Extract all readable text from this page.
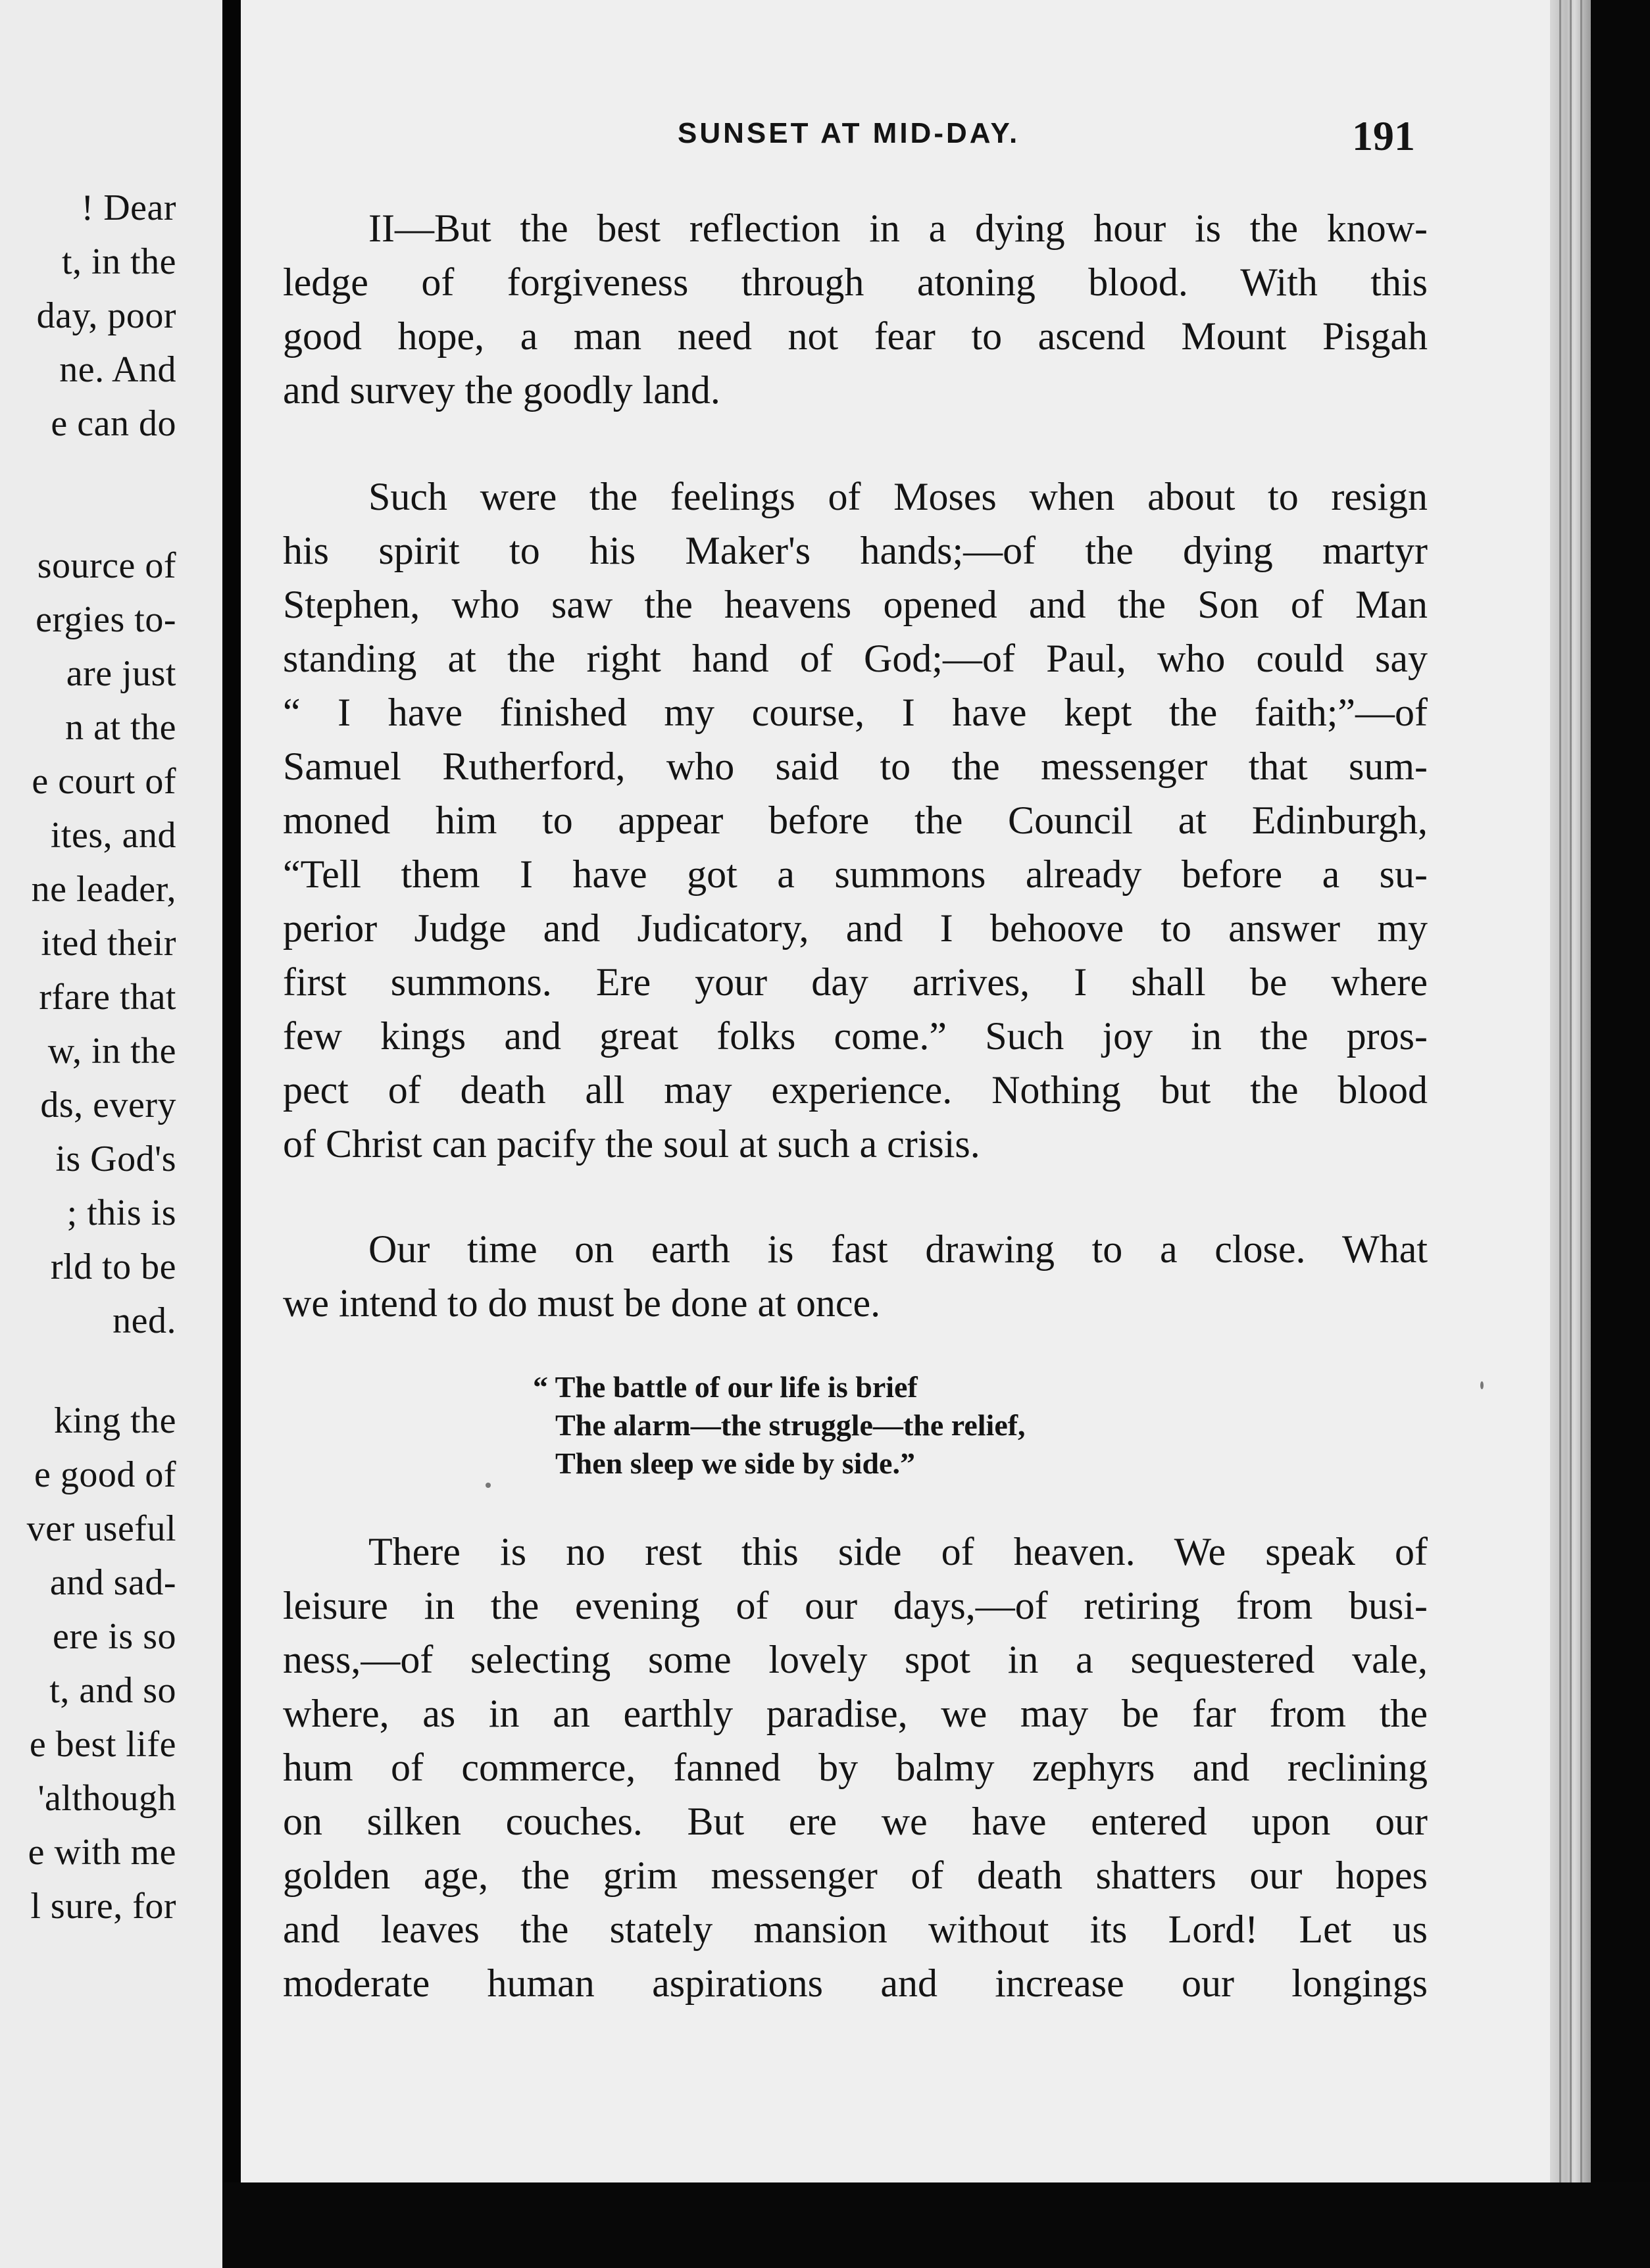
! Dear
t, in the
day, poor
ne. And
e can do
source of
ergies to-
are just
n at the
e court of
ites, and
ne leader,
ited their
rfare that
w, in the
ds, every
is God's
; this is
rld to be
ned.
king the
e good of
ver useful
and sad-
ere is so
t, and so
e best life
'although
e with me
l sure, for
SUNSET AT MID-DAY.	191
II—But the best reflection in a dying hour is the know-
ledge of forgiveness through atoning blood. With this
good hope, a man need not fear to ascend Mount Pisgah
and survey the goodly land.
Such were the feelings of Moses when about to resign
his spirit to his Maker's hands;—of the dying martyr
Stephen, who saw the heavens opened and the Son of Man
standing at the right hand of God;—of Paul, who could say
“ I have finished my course, I have kept the faith;”—of
Samuel Rutherford, who said to the messenger that sum-
moned him to appear before the Council at Edinburgh,
“Tell them I have got a summons already before a su-
perior Judge and Judicatory, and I behoove to answer my
first summons. Ere your day arrives, I shall be where
few kings and great folks come.” Such joy in the pros-
pect of death all may experience. Nothing but the blood
of Christ can pacify the soul at such a crisis.
Our time on earth is fast drawing to a close. What
we intend to do must be done at once.
“ The battle of our life is brief
The alarm—the struggle—the relief,
Then sleep we side by side.”
There is no rest this side of heaven. We speak of
leisure in the evening of our days,—of retiring from busi-
ness,—of selecting some lovely spot in a sequestered vale,
where, as in an earthly paradise, we may be far from the
hum of commerce, fanned by balmy zephyrs and reclining
on silken couches. But ere we have entered upon our
golden age, the grim messenger of death shatters our hopes
and leaves the stately mansion without its Lord! Let us
moderate human aspirations and increase our longings
